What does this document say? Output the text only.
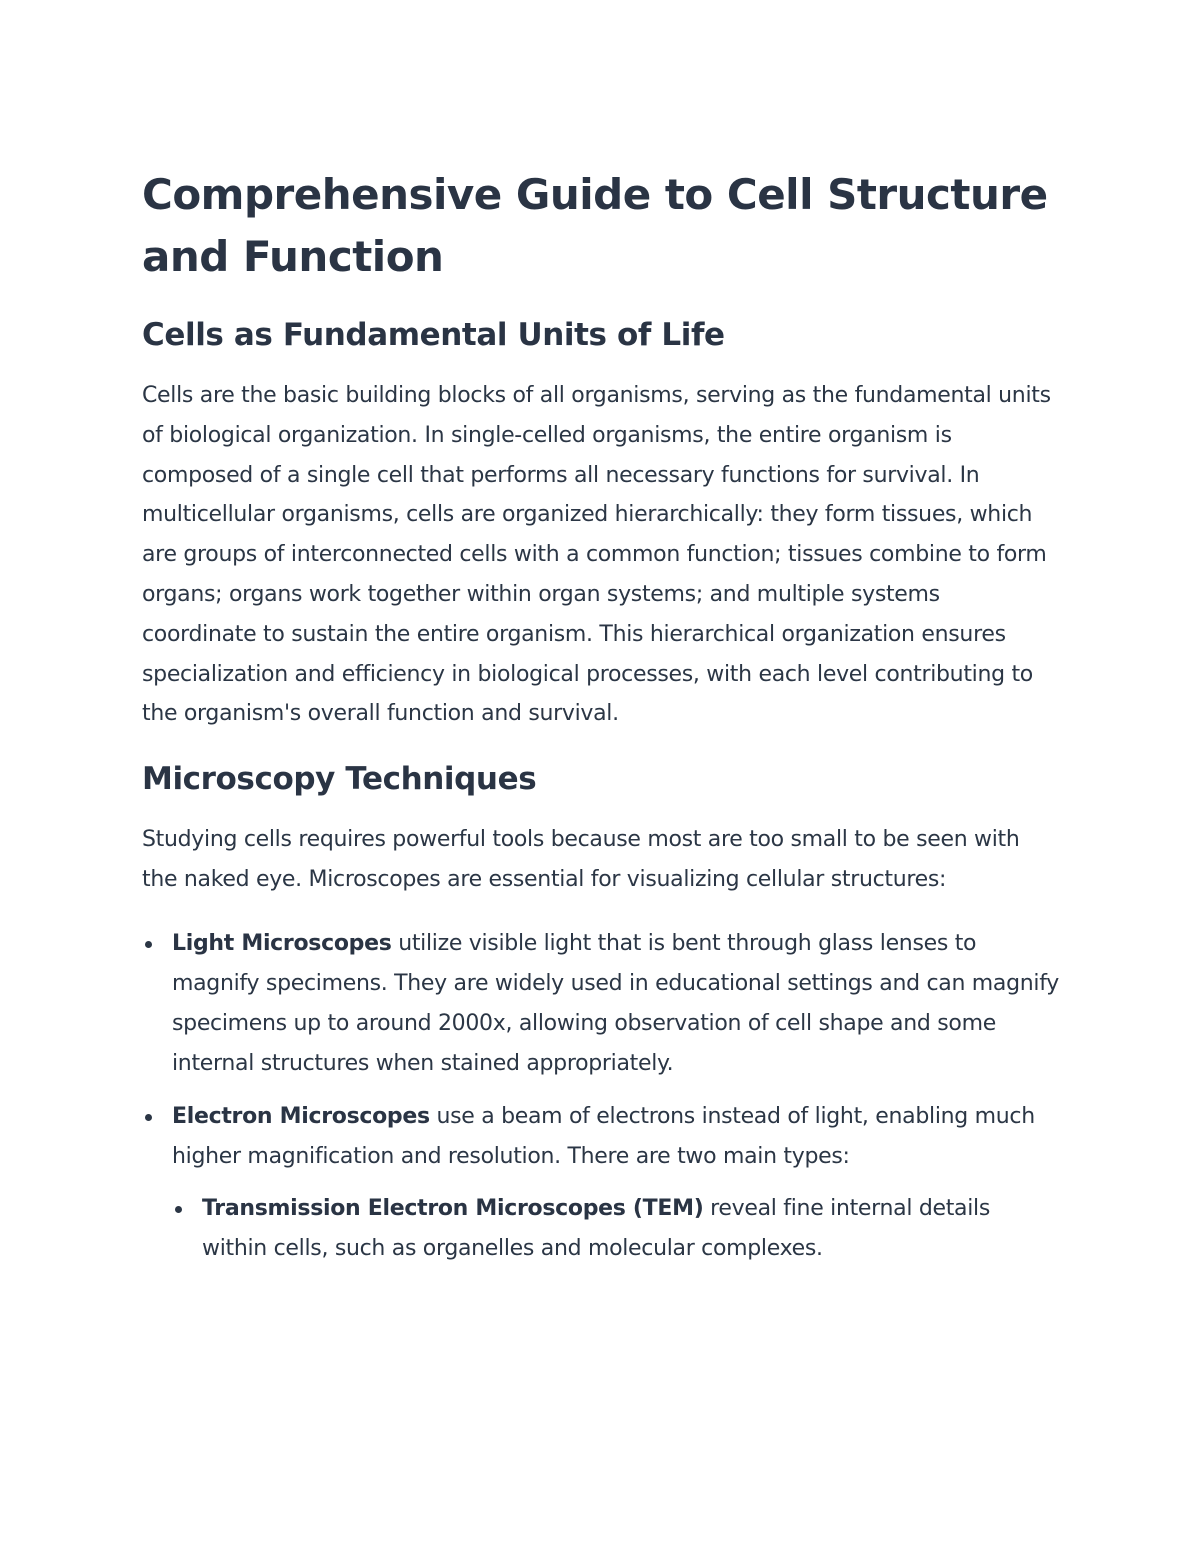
Comprehensive Guide to Cell Structure and Function
Cells as Fundamental Units of Life

Cells are the basic building blocks of all organisms, serving as the fundamental units of biological organization. In single-celled organisms, the entire organism is composed of a single cell that performs all necessary functions for survival. In multicellular organisms, cells are organized hierarchically: they form tissues, which are groups of interconnected cells with a common function; tissues combine to form organs; organs work together within organ systems; and multiple systems coordinate to sustain the entire organism. This hierarchical organization ensures specialization and efficiency in biological processes, with each level contributing to the organism's overall function and survival.

Microscopy Techniques

Studying cells requires powerful tools because most are too small to be seen with the naked eye. Microscopes are essential for visualizing cellular structures:

Light Microscopes utilize visible light that is bent through glass lenses to magnify specimens. They are widely used in educational settings and can magnify specimens up to around 2000x, allowing observation of cell shape and some internal structures when stained appropriately.
Electron Microscopes use a beam of electrons instead of light, enabling much higher magnification and resolution. There are two main types:
Transmission Electron Microscopes (TEM) reveal fine internal details within cells, such as organelles and molecular complexes.
